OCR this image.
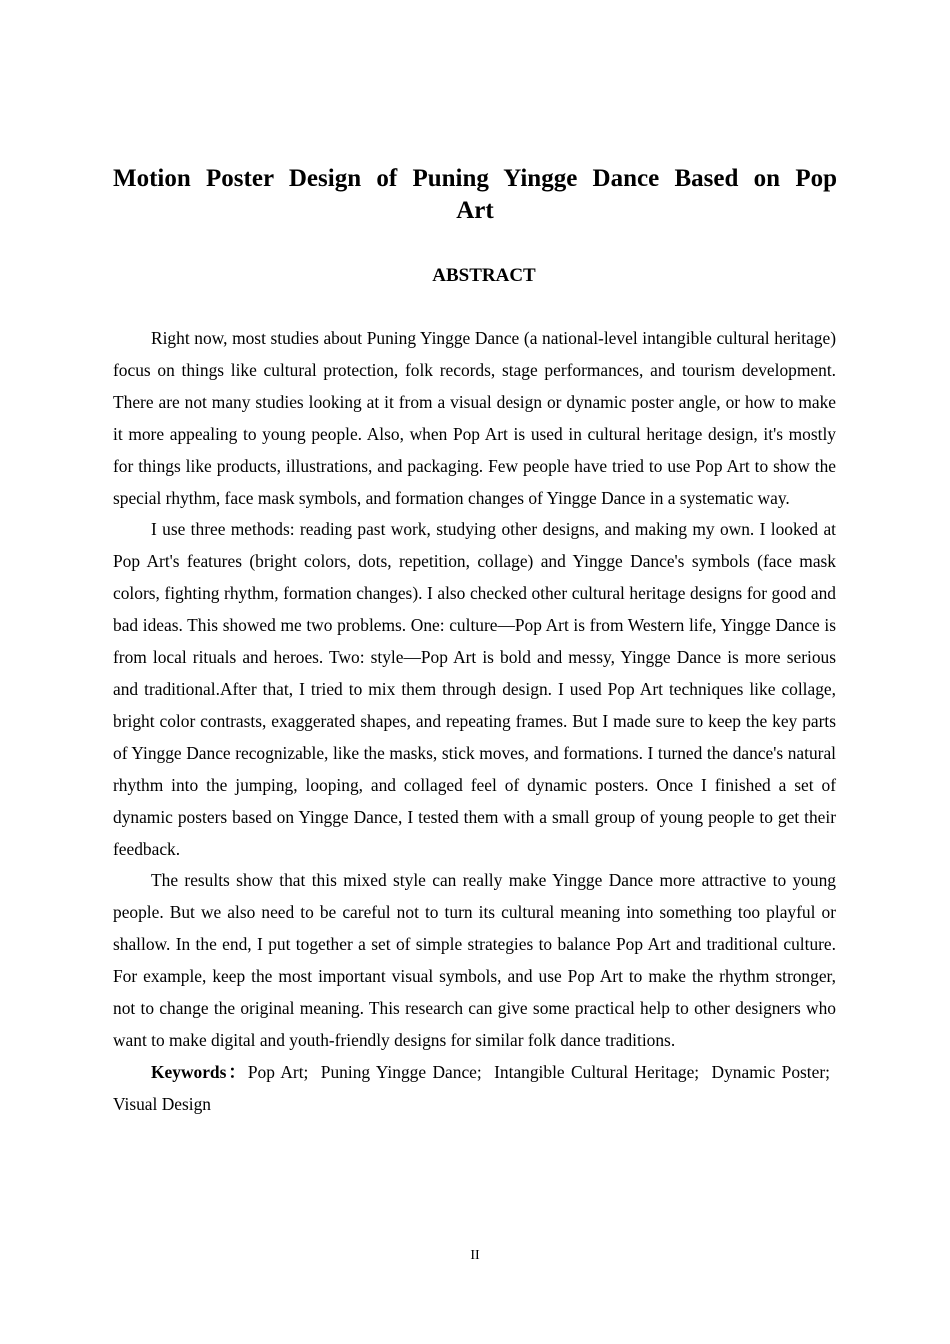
Motion Poster Design of Puning Yingge Dance Based on Pop Art
ABSTRACT

Right now, most studies about Puning Yingge Dance (a national-level intangible cultural heritage) focus on things like cultural protection, folk records, stage performances, and tourism development. There are not many studies looking at it from a visual design or dynamic poster angle, or how to make it more appealing to young people. Also, when Pop Art is used in cultural heritage design, it's mostly for things like products, illustrations, and packaging. Few people have tried to use Pop Art to show the special rhythm, face mask symbols, and formation changes of Yingge Dance in a systematic way.

I use three methods: reading past work, studying other designs, and making my own. I looked at Pop Art's features (bright colors, dots, repetition, collage) and Yingge Dance's symbols (face mask colors, fighting rhythm, formation changes). I also checked other cultural heritage designs for good and bad ideas. This showed me two problems. One: culture—Pop Art is from Western life, Yingge Dance is from local rituals and heroes. Two: style—Pop Art is bold and messy, Yingge Dance is more serious and traditional.After that, I tried to mix them through design. I used Pop Art techniques like collage, bright color contrasts, exaggerated shapes, and repeating frames. But I made sure to keep the key parts of Yingge Dance recognizable, like the masks, stick moves, and formations. I turned the dance's natural rhythm into the jumping, looping, and collaged feel of dynamic posters. Once I finished a set of dynamic posters based on Yingge Dance, I tested them with a small group of young people to get their feedback.

The results show that this mixed style can really make Yingge Dance more attractive to young people. But we also need to be careful not to turn its cultural meaning into something too playful or shallow. In the end, I put together a set of simple strategies to balance Pop Art and traditional culture. For example, keep the most important visual symbols, and use Pop Art to make the rhythm stronger, not to change the original meaning. This research can give some practical help to other designers who want to make digital and youth-friendly designs for similar folk dance traditions.

Keywords：Pop Art; Puning Yingge Dance; Intangible Cultural Heritage; Dynamic Poster; Visual Design

II
